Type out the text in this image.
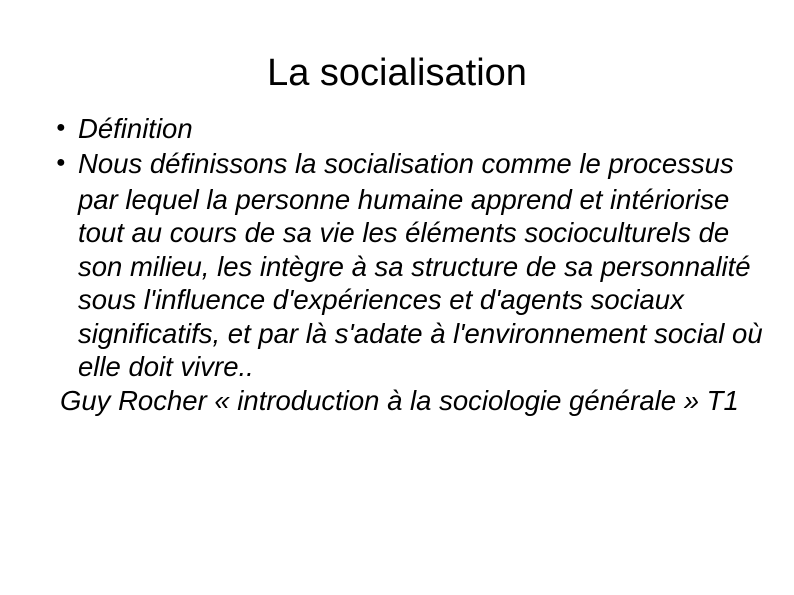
La socialisation

● Définition

● Nous définissons la socialisation comme le processus par lequel la personne humaine apprend et intériorise tout au cours de sa vie les éléments socioculturels de son milieu, les intègre à sa structure de sa personnalité sous l'influence d'expériences et d'agents sociaux significatifs, et par là s'adate à l'environnement social où elle doit vivre..

Guy Rocher « introduction à la sociologie générale » T1
